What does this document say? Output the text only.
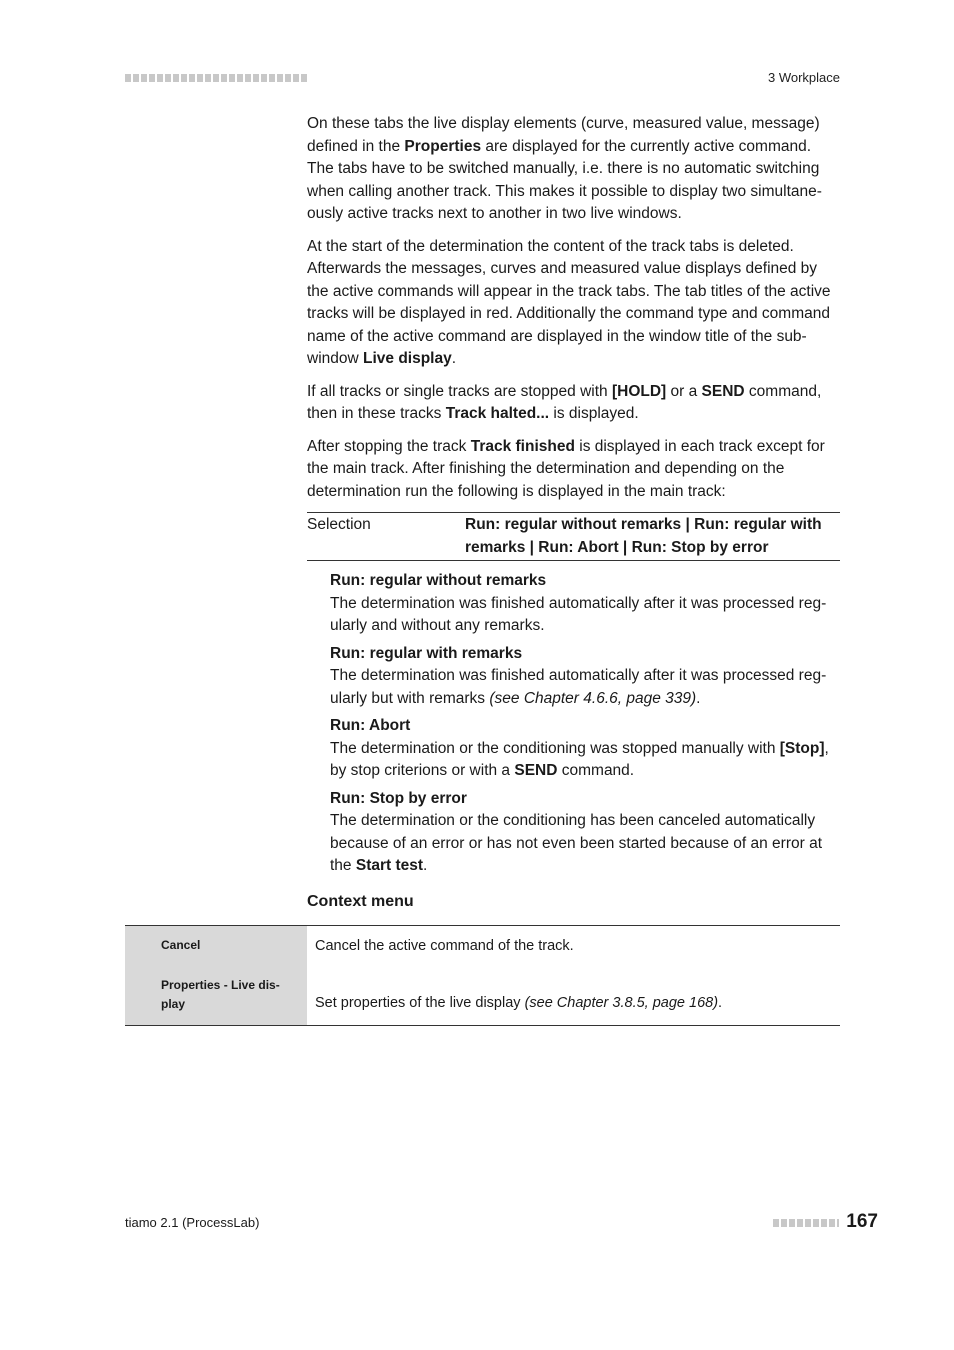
3 Workplace

On these tabs the live display elements (curve, measured value, message) defined in the Properties are displayed for the currently active command. The tabs have to be switched manually, i.e. there is no automatic switching when calling another track. This makes it possible to display two simultane-ously active tracks next to another in two live windows.

At the start of the determination the content of the track tabs is deleted. Afterwards the messages, curves and measured value displays defined by the active commands will appear in the track tabs. The tab titles of the active tracks will be displayed in red. Additionally the command type and command name of the active command are displayed in the window title of the sub-window Live display.

If all tracks or single tracks are stopped with [HOLD] or a SEND command, then in these tracks Track halted... is displayed.

After stopping the track Track finished is displayed in each track except for the main track. After finishing the determination and depending on the determination run the following is displayed in the main track:

Selection	Run: regular without remarks | Run: regular with remarks | Run: Abort | Run: Stop by error
Run: regular without remarks
The determination was finished automatically after it was processed reg-ularly and without any remarks.
Run: regular with remarks
The determination was finished automatically after it was processed reg-ularly but with remarks (see Chapter 4.6.6, page 339).
Run: Abort
The determination or the conditioning was stopped manually with [Stop], by stop criterions or with a SEND command.
Run: Stop by error
The determination or the conditioning has been canceled automatically because of an error or has not even been started because of an error at the Start test.
Context menu
Cancel	Cancel the active command of the track.
Properties - Live dis-play	Set properties of the live display (see Chapter 3.8.5, page 168).
tiamo 2.1 (ProcessLab)	167
